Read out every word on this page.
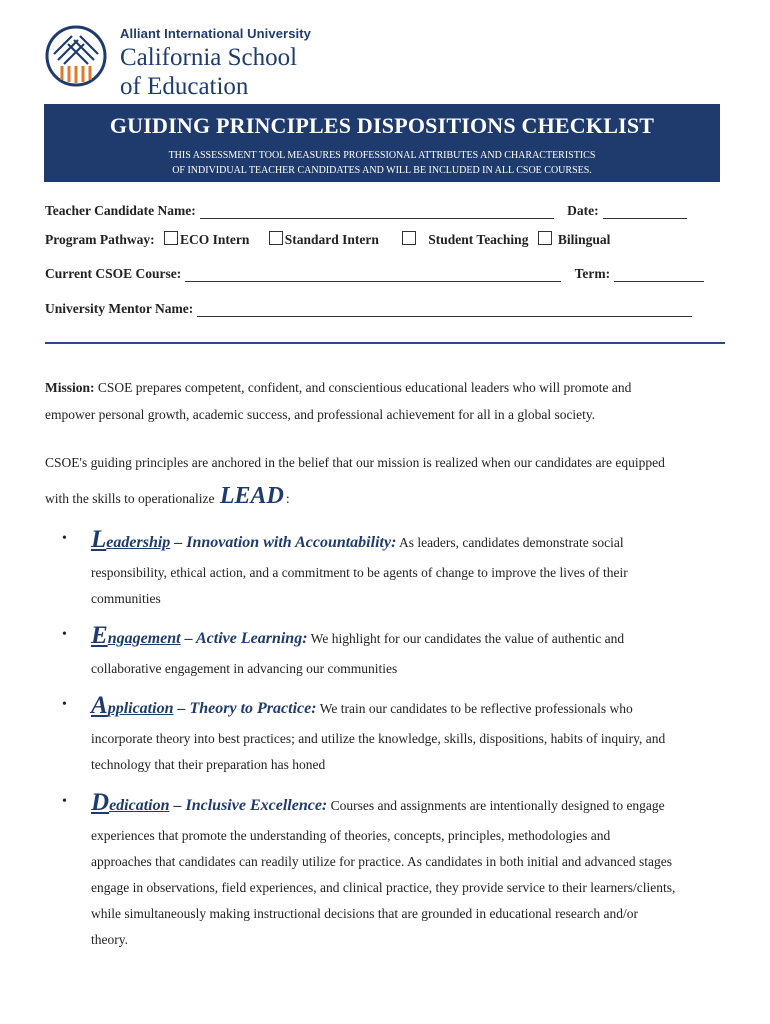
Alliant International University
California School
of Education
GUIDING PRINCIPLES DISPOSITIONS CHECKLIST
THIS ASSESSMENT TOOL MEASURES PROFESSIONAL ATTRIBUTES AND CHARACTERISTICS
OF INDIVIDUAL TEACHER CANDIDATES AND WILL BE INCLUDED IN ALL CSOE COURSES.
Teacher Candidate Name:	Date:
Program Pathway: ECO Intern	Standard Intern	Student Teaching Bilingual
Current CSOE Course:	Term:
University Mentor Name:
Mission: CSOE prepares competent, confident, and conscientious educational leaders who will promote and
empower personal growth, academic success, and professional achievement for all in a global society.
CSOE's guiding principles are anchored in the belief that our mission is realized when our candidates are equipped
with the skills to operationalize LEAD :
• Leadership – Innovation with Accountability: As leaders, candidates demonstrate social
responsibility, ethical action, and a commitment to be agents of change to improve the lives of their
communities
• Engagement – Active Learning: We highlight for our candidates the value of authentic and
collaborative engagement in advancing our communities
• Application – Theory to Practice: We train our candidates to be reflective professionals who
incorporate theory into best practices; and utilize the knowledge, skills, dispositions, habits of inquiry, and
technology that their preparation has honed
• Dedication – Inclusive Excellence: Courses and assignments are intentionally designed to engage
experiences that promote the understanding of theories, concepts, principles, methodologies and
approaches that candidates can readily utilize for practice. As candidates in both initial and advanced stages
engage in observations, field experiences, and clinical practice, they provide service to their learners/clients,
while simultaneously making instructional decisions that are grounded in educational research and/or
theory.
